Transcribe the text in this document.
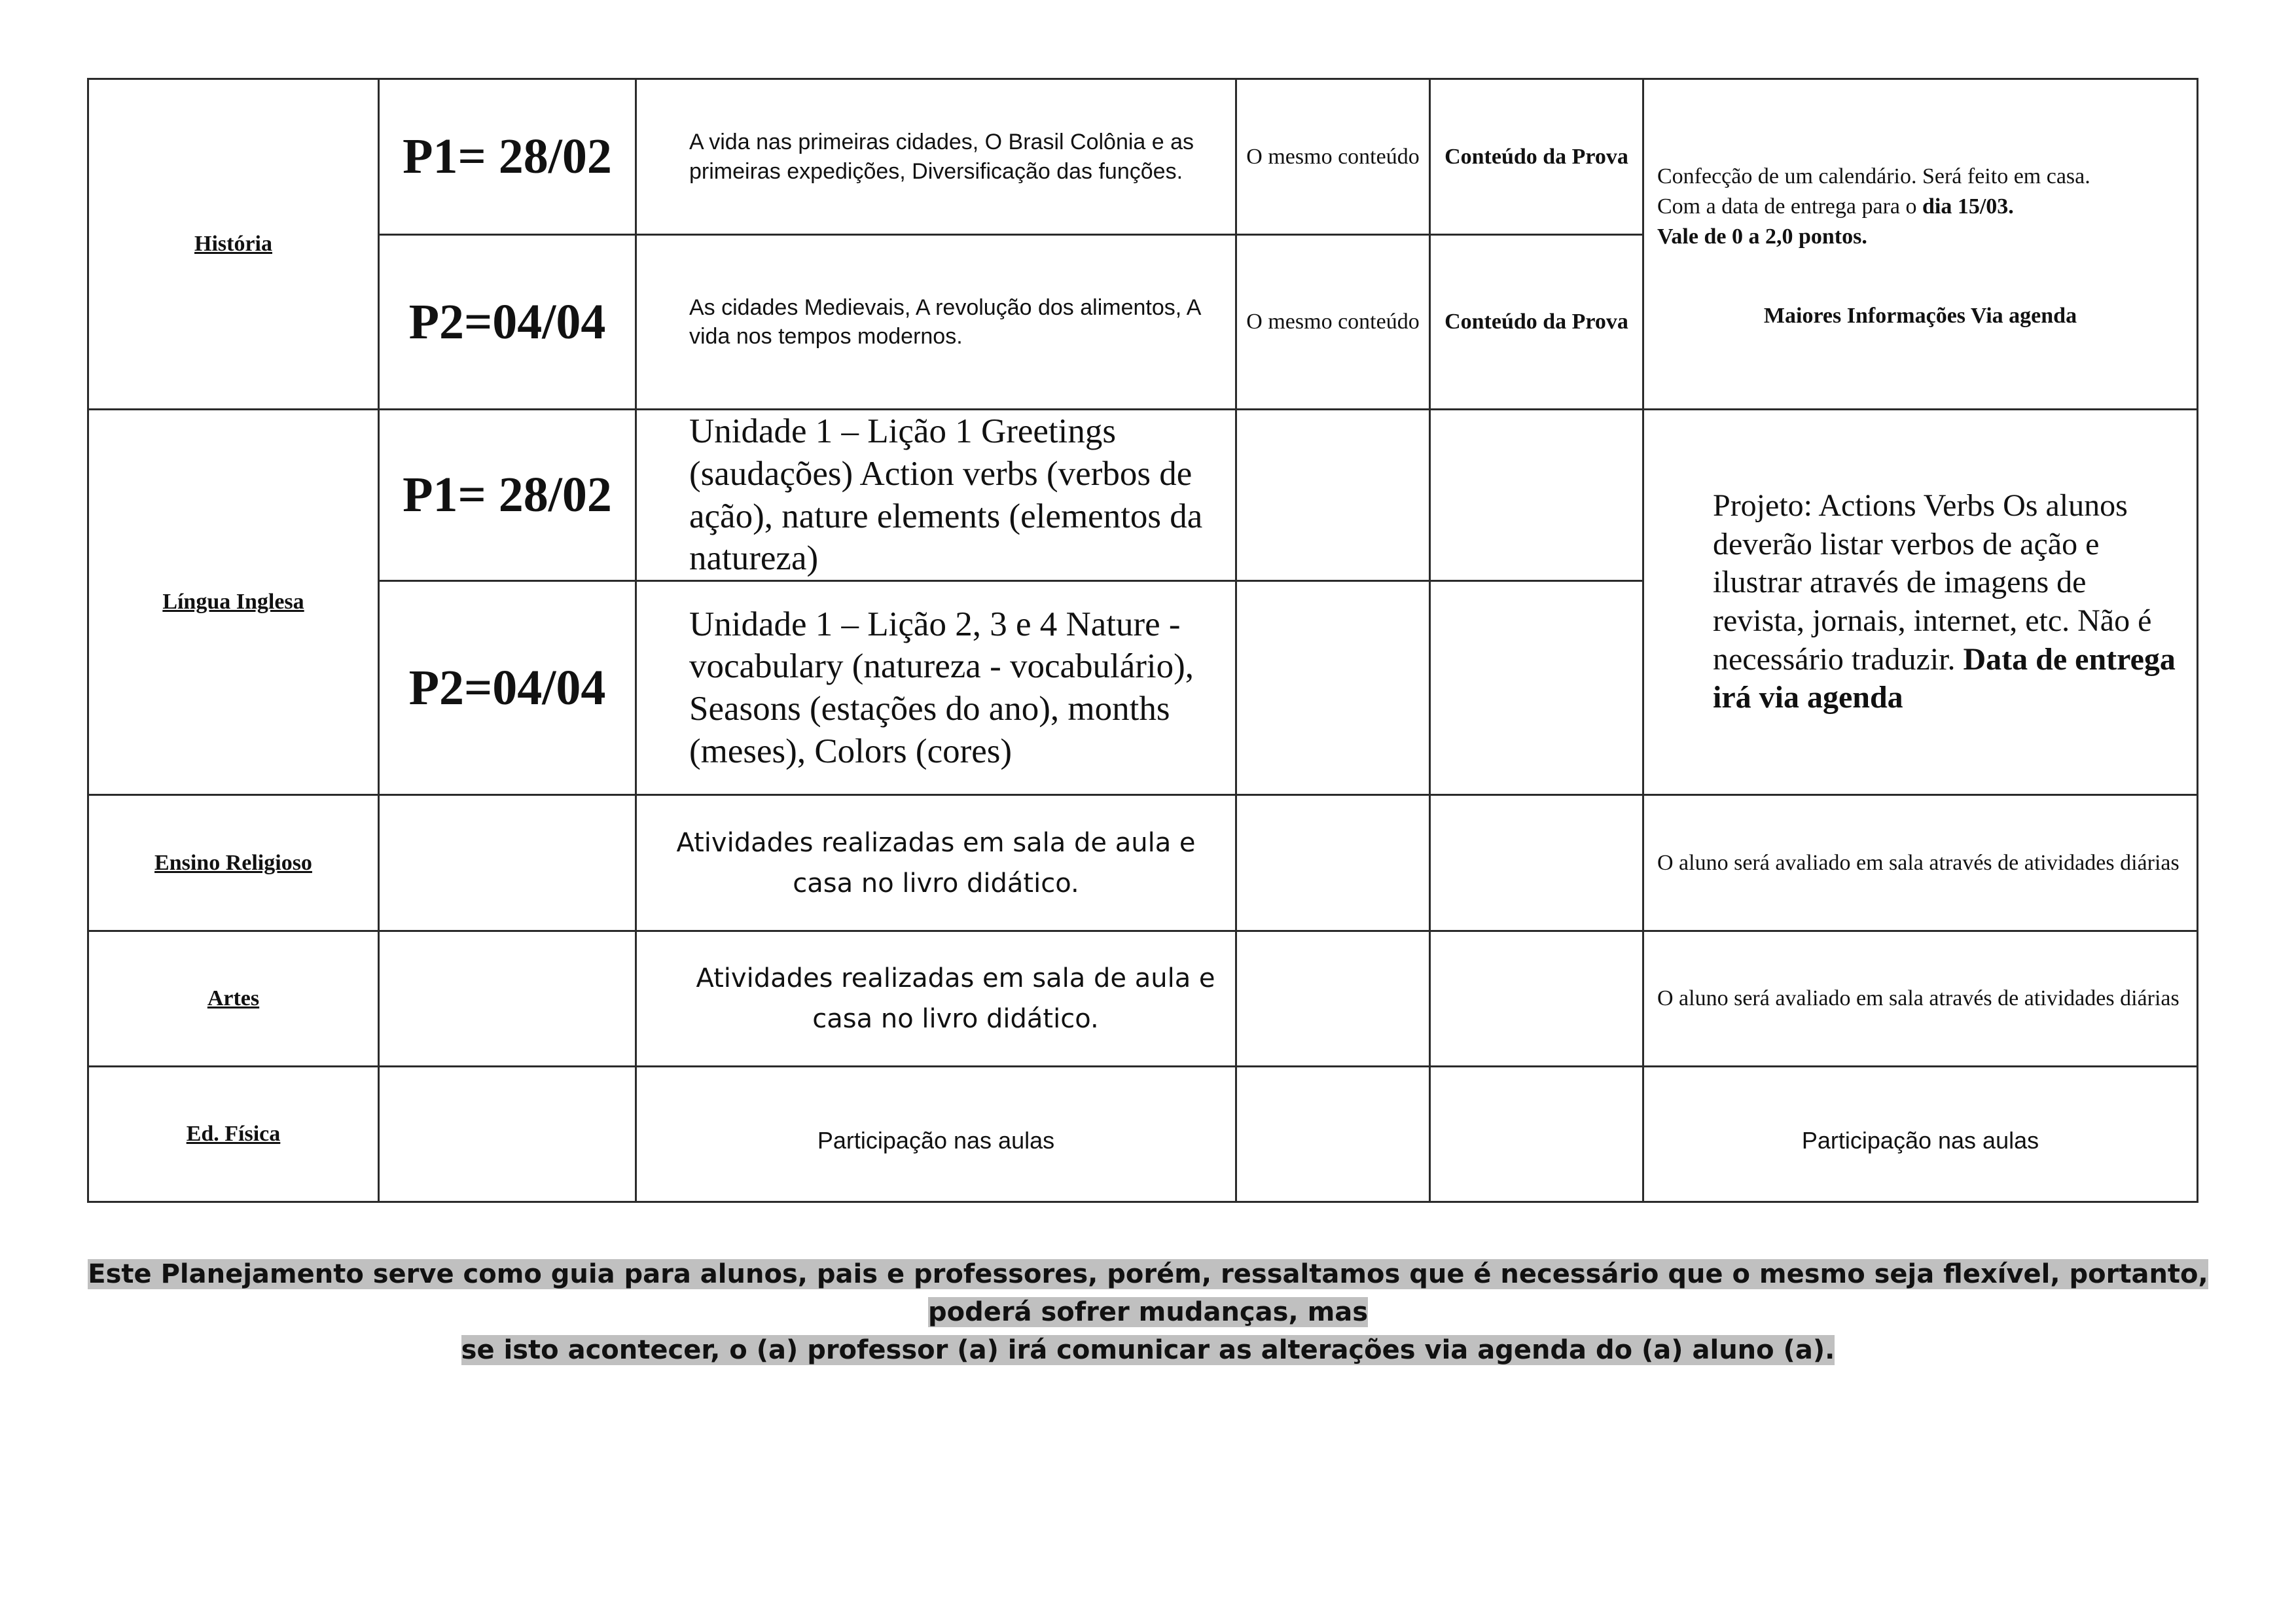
História	P1= 28/02	A vida nas primeiras cidades, O Brasil Colônia e as primeiras expedições, Diversificação das funções.	O mesmo conteúdo	Conteúdo da Prova	Confecção de um calendário. Será feito em casa.
Com a data de entrega para o dia 15/03.
Vale de 0 a 2,0 pontos.
Maiores Informações Via agenda

	P2=04/04	As cidades Medievais, A revolução dos alimentos, A vida nos tempos modernos.	O mesmo conteúdo	Conteúdo da Prova	
Língua Inglesa	P1= 28/02	Unidade 1 – Lição 1 Greetings (saudações) Action verbs (verbos de ação), nature elements (elementos da natureza)			Projeto: Actions Verbs Os alunos deverão listar verbos de ação e ilustrar através de imagens de revista, jornais, internet, etc. Não é necessário traduzir. Data de entrega irá via agenda
	P2=04/04	Unidade 1 – Lição 2, 3 e 4 Nature - vocabulary (natureza - vocabulário), Seasons (estações do ano), months (meses), Colors (cores)			
Ensino Religioso		Atividades realizadas em sala de aula e
casa no livro didático.			O aluno será avaliado em sala através de atividades diárias
Artes		Atividades realizadas em sala de aula e
casa no livro didático.			O aluno será avaliado em sala através de atividades diárias
Ed. Física		Participação nas aulas			Participação nas aulas
Este Planejamento serve como guia para alunos, pais e professores, porém, ressaltamos que é necessário que o mesmo seja flexível, portanto, poderá sofrer mudanças, mas
se isto acontecer, o (a) professor (a) irá comunicar as alterações via agenda do (a) aluno (a).
